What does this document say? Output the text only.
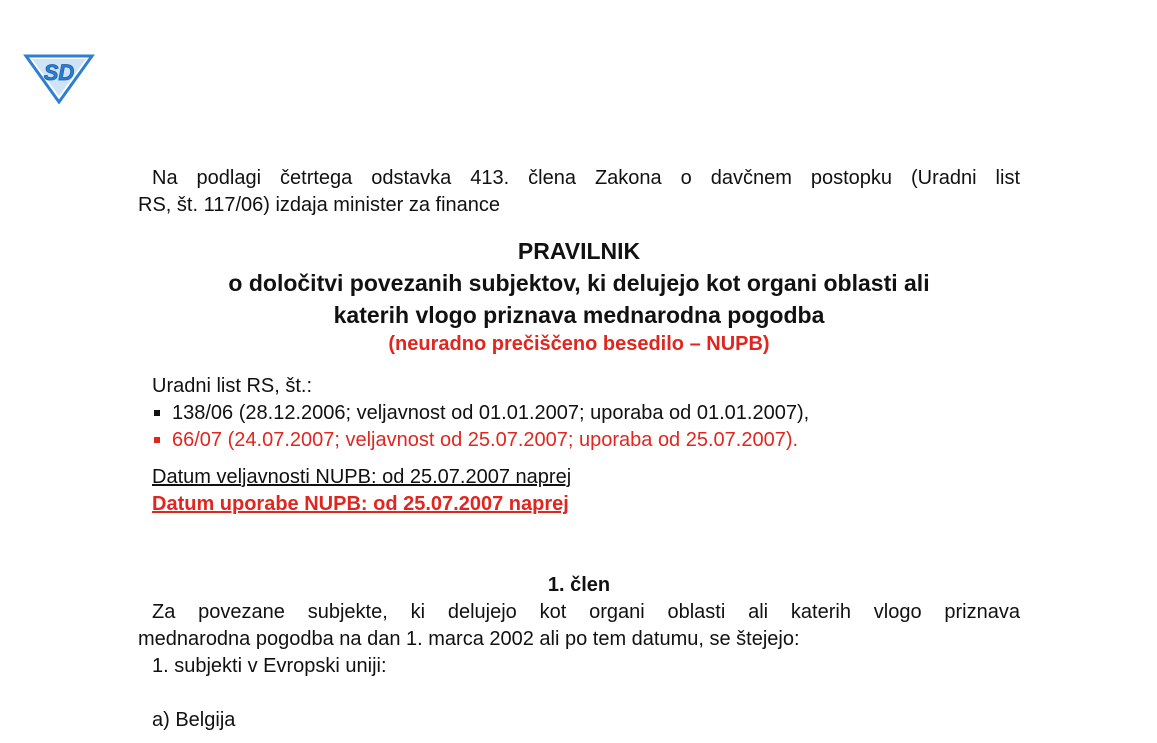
SD
Na podlagi četrtega odstavka 413. člena Zakona o davčnem postopku (Uradni list
RS, št. 117/06) izdaja minister za finance
PRAVILNIK
o določitvi povezanih subjektov, ki delujejo kot organi oblasti ali
katerih vlogo priznava mednarodna pogodba
(neuradno prečiščeno besedilo – NUPB)
Uradni list RS, št.:
138/06 (28.12.2006; veljavnost od 01.01.2007; uporaba od 01.01.2007),
66/07 (24.07.2007; veljavnost od 25.07.2007; uporaba od 25.07.2007).
Datum veljavnosti NUPB: od 25.07.2007 naprej
Datum uporabe NUPB: od 25.07.2007 naprej
1. člen
Za povezane subjekte, ki delujejo kot organi oblasti ali katerih vlogo priznava
mednarodna pogodba na dan 1. marca 2002 ali po tem datumu, se štejejo:
1. subjekti v Evropski uniji:
a) Belgija
